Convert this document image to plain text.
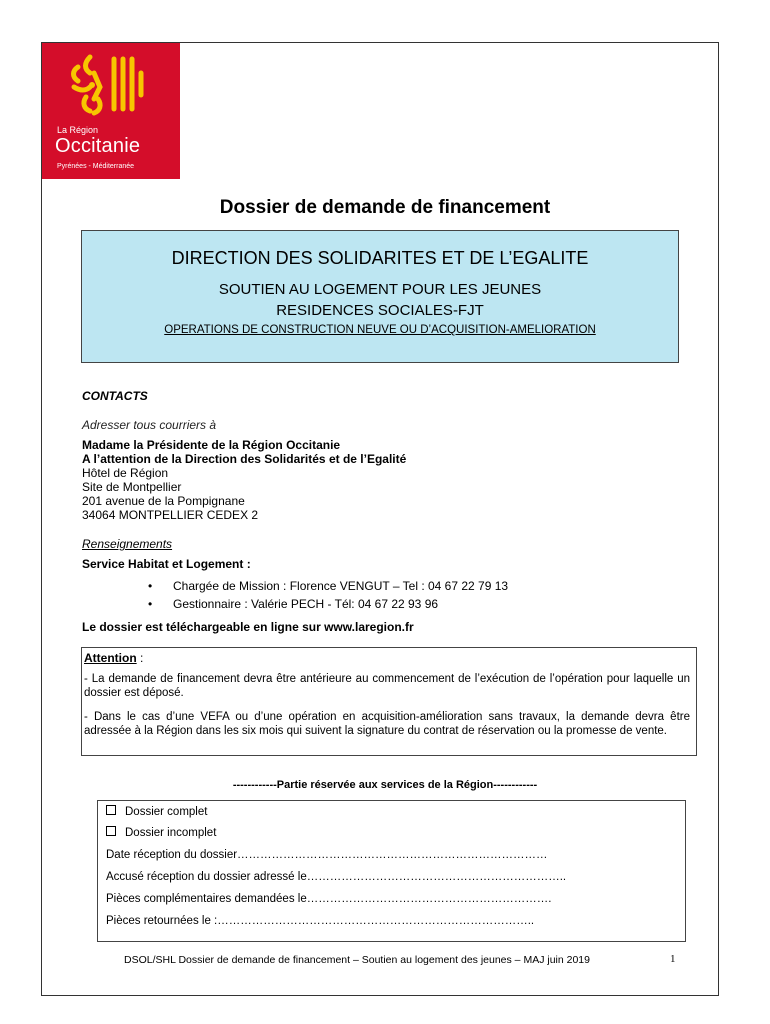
La Région
Occitanie
Pyrénées - Méditerranée
Dossier de demande de financement
DIRECTION DES SOLIDARITES ET DE L’EGALITE
SOUTIEN AU LOGEMENT POUR LES JEUNES
RESIDENCES SOCIALES-FJT
OPERATIONS DE CONSTRUCTION NEUVE OU D’ACQUISITION-AMELIORATION
CONTACTS
Adresser tous courriers à
Madame la Présidente de la Région Occitanie
A l’attention de la Direction des Solidarités et de l’Egalité
Hôtel de Région
Site de Montpellier
201 avenue de la Pompignane
34064 MONTPELLIER CEDEX 2
Renseignements
Service Habitat et Logement :
• Chargée de Mission : Florence VENGUT – Tel : 04 67 22 79 13
• Gestionnaire : Valérie PECH - Tél: 04 67 22 93 96
Le dossier est téléchargeable en ligne sur www.laregion.fr
Attention :
- La demande de financement devra être antérieure au commencement de l’exécution de l’opération pour laquelle un dossier est déposé.
- Dans le cas d’une VEFA ou d’une opération en acquisition-amélioration sans travaux, la demande devra être adressée à la Région dans les six mois qui suivent la signature du contrat de réservation ou la promesse de vente.
------------Partie réservée aux services de la Région------------
Dossier complet
Dossier incomplet
Date réception du dossier………………………………………………………………………
Accusé réception du dossier adressé le…………………………………………………………..
Pièces complémentaires demandées le……………………………………………………….
Pièces retournées le :………………………………………………………………………..
DSOL/SHL Dossier de demande de financement – Soutien au logement des jeunes – MAJ juin 2019	1
